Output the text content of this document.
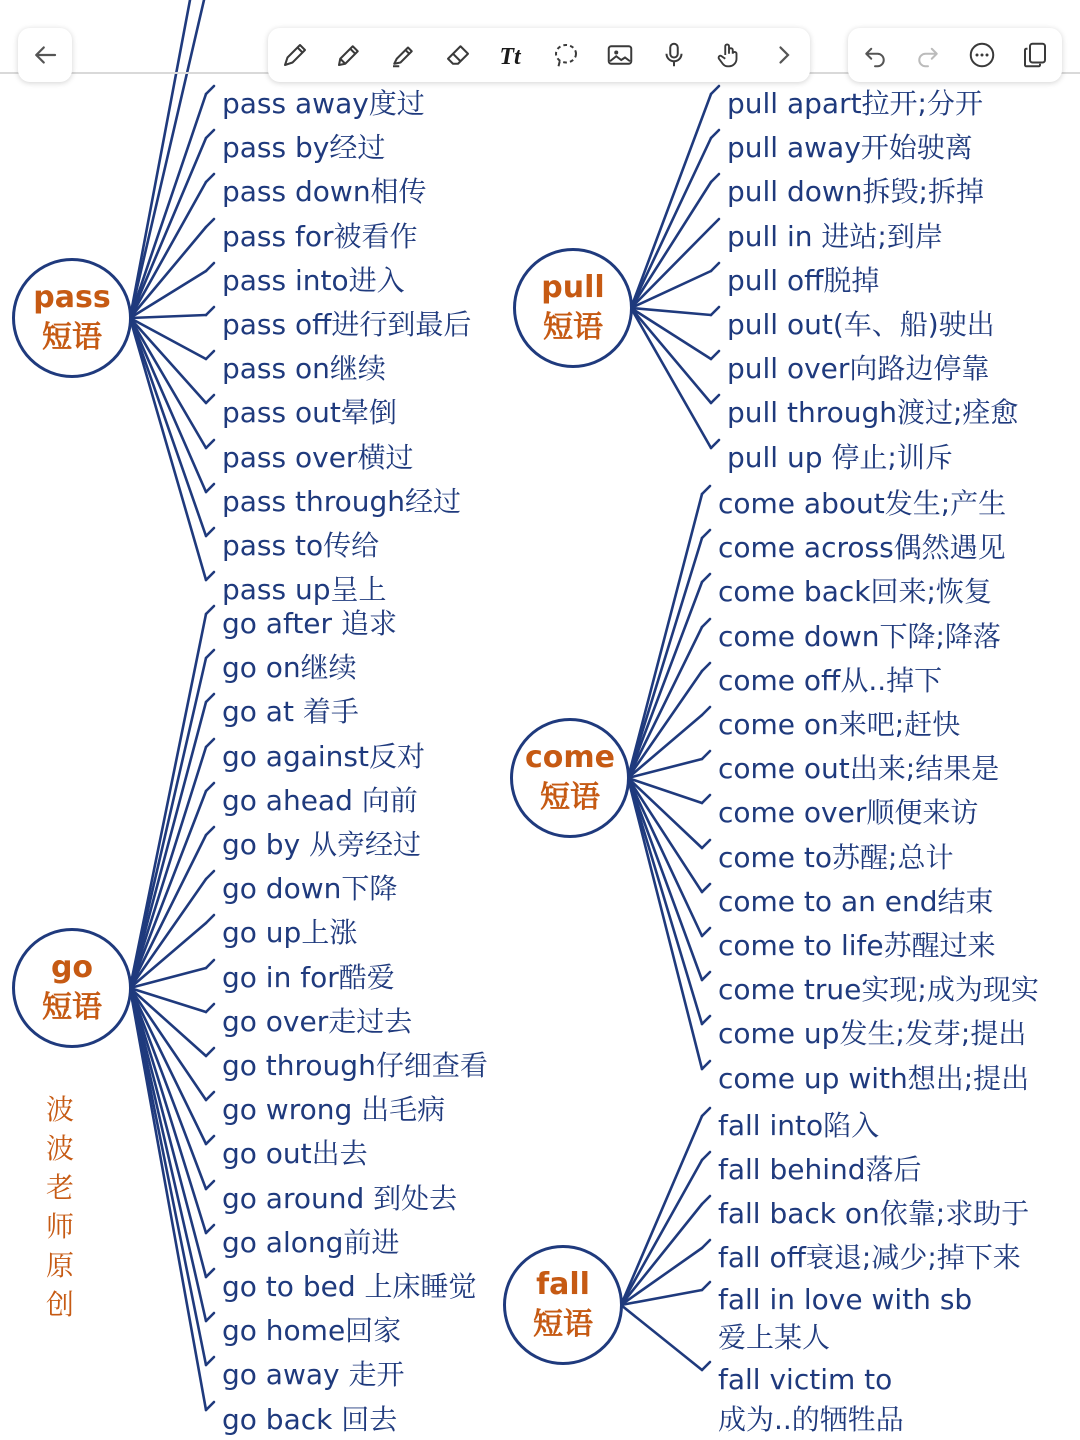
Tt
pass away度过
pass by经过
pass down相传
pass for被看作
pass into进入
pass off进行到最后
pass on继续
pass out晕倒
pass over横过
pass through经过
pass to传给
pass up呈上
pass
短语
go after 追求
go on继续
go at 着手
go against反对
go ahead 向前
go by 从旁经过
go down下降
go up上涨
go in for酷爱
go over走过去
go through仔细查看
go wrong 出毛病
go out出去
go around 到处去
go along前进
go to bed 上床睡觉
go home回家
go away 走开
go back 回去
go
短语
pull apart拉开;分开
pull away开始驶离
pull down拆毁;拆掉
pull in 进站;到岸
pull off脱掉
pull out(车、船)驶出
pull over向路边停靠
pull through渡过;痊愈
pull up 停止;训斥
pull
短语
come about发生;产生
come across偶然遇见
come back回来;恢复
come down下降;降落
come off从..掉下
come on来吧;赶快
come out出来;结果是
come over顺便来访
come to苏醒;总计
come to an end结束
come to life苏醒过来
come true实现;成为现实
come up发生;发芽;提出
come up with想出;提出
come
短语
fall into陷入
fall behind落后
fall back on依靠;求助于
fall off衰退;减少;掉下来
fall in love with sb
爱上某人
fall victim to
成为..的牺牲品
fall
短语
波波老师原创
